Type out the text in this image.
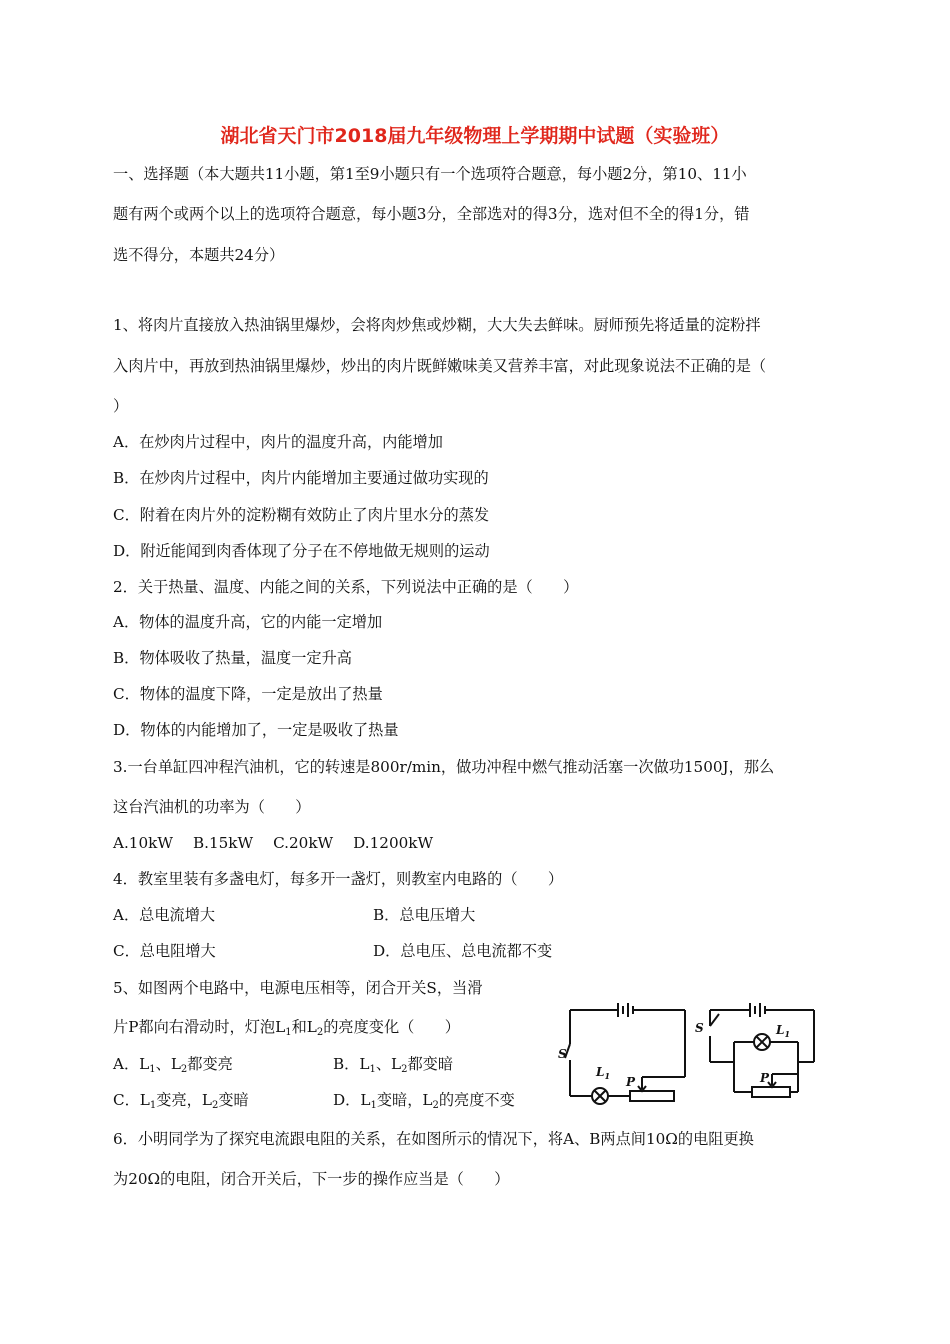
湖北省天门市2018届九年级物理上学期期中试题（实验班）
一、选择题（本大题共11小题，第1至9小题只有一个选项符合题意，每小题2分，第10、11小
题有两个或两个以上的选项符合题意，每小题3分，全部选对的得3分，选对但不全的得1分，错
选不得分，本题共24分）
1、将肉片直接放入热油锅里爆炒，会将肉炒焦或炒糊，大大失去鲜味。厨师预先将适量的淀粉拌
入肉片中，再放到热油锅里爆炒，炒出的肉片既鲜嫩味美又营养丰富，对此现象说法不正确的是（
）
A．在炒肉片过程中，肉片的温度升高，内能增加
B．在炒肉片过程中，肉片内能增加主要通过做功实现的
C．附着在肉片外的淀粉糊有效防止了肉片里水分的蒸发
D．附近能闻到肉香体现了分子在不停地做无规则的运动
2．关于热量、温度、内能之间的关系，下列说法中正确的是（　　）
A．物体的温度升高，它的内能一定增加
B．物体吸收了热量，温度一定升高
C．物体的温度下降，一定是放出了热量
D．物体的内能增加了，一定是吸收了热量
3.一台单缸四冲程汽油机，它的转速是800r/min，做功冲程中燃气推动活塞一次做功1500J，那么
这台汽油机的功率为（　　）
A.10kW　 B.15kW　 C.20kW　 D.1200kW
4．教室里装有多盏电灯，每多开一盏灯，则教室内电路的（　　）
A．总电流增大	B．总电压增大
C．总电阻增大	D．总电压、总电流都不变
5、如图两个电路中，电源电压相等，闭合开关S，当滑
片P都向右滑动时，灯泡$L_1$和$L_2$的亮度变化（　　）
A．$L_1$、$L_2$都变亮	B．$L_1$、$L_2$都变暗
C．$L_1$变亮，$L_2$变暗	D．$L_1$变暗，$L_2$的亮度不变
S
$L_1$ P
S	$L_1$
P
6．小明同学为了探究电流跟电阻的关系，在如图所示的情况下，将A、B两点间10Ω的电阻更换
为20Ω的电阻，闭合开关后，下一步的操作应当是（　　）
